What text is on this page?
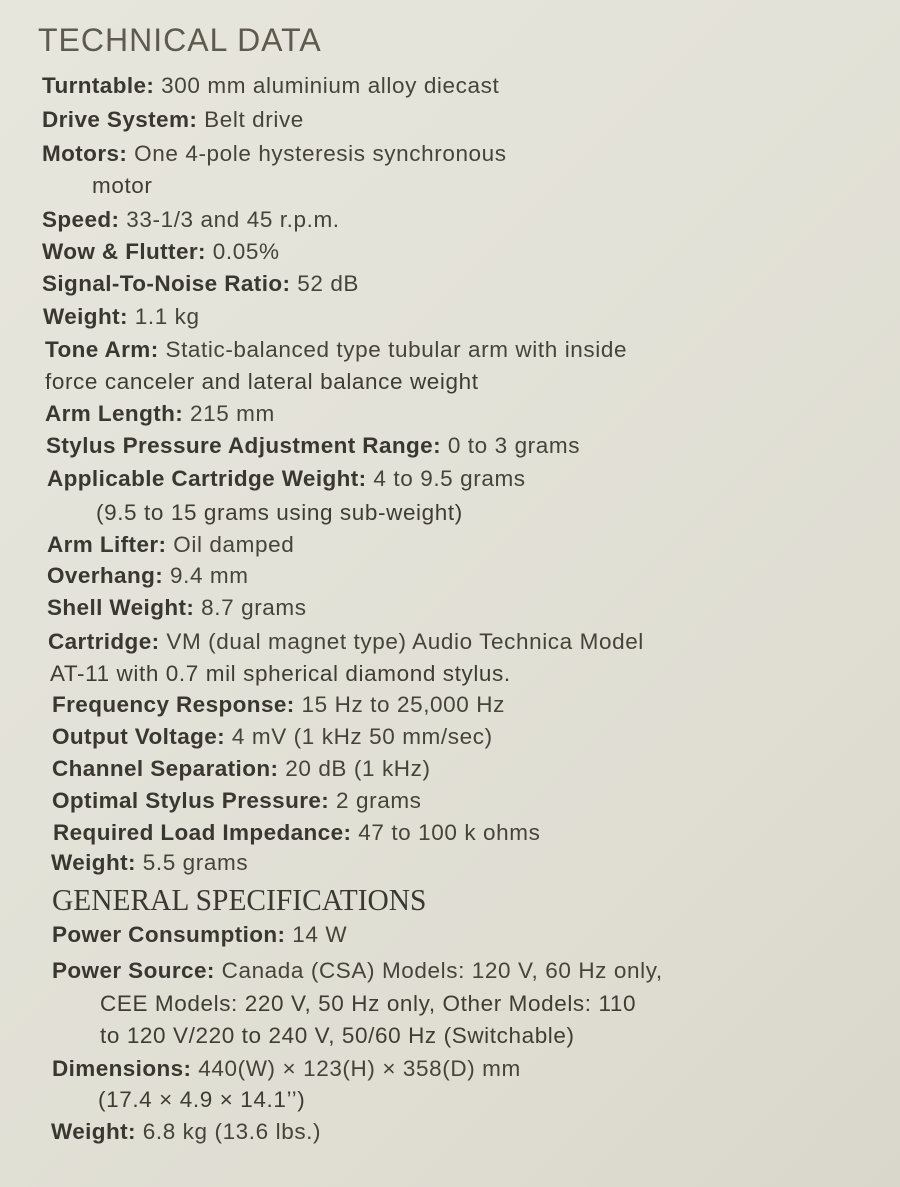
TECHNICAL DATA
Turntable: 300 mm aluminium alloy diecast
Drive System: Belt drive
Motors: One 4-pole hysteresis synchronous
motor
Speed: 33-1/3 and 45 r.p.m.
Wow & Flutter: 0.05%
Signal-To-Noise Ratio: 52 dB
Weight: 1.1 kg
Tone Arm: Static-balanced type tubular arm with inside
force canceler and lateral balance weight
Arm Length: 215 mm
Stylus Pressure Adjustment Range: 0 to 3 grams
Applicable Cartridge Weight: 4 to 9.5 grams
(9.5 to 15 grams using sub-weight)
Arm Lifter: Oil damped
Overhang: 9.4 mm
Shell Weight: 8.7 grams
Cartridge: VM (dual magnet type) Audio Technica Model
AT-11 with 0.7 mil spherical diamond stylus.
Frequency Response: 15 Hz to 25,000 Hz
Output Voltage: 4 mV (1 kHz 50 mm/sec)
Channel Separation: 20 dB (1 kHz)
Optimal Stylus Pressure: 2 grams
Required Load Impedance: 47 to 100 k ohms
Weight: 5.5 grams
GENERAL SPECIFICATIONS
Power Consumption: 14 W
Power Source: Canada (CSA) Models: 120 V, 60 Hz only,
CEE Models: 220 V, 50 Hz only, Other Models: 110
to 120 V/220 to 240 V, 50/60 Hz (Switchable)
Dimensions: 440(W) × 123(H) × 358(D) mm
(17.4 × 4.9 × 14.1’’)
Weight: 6.8 kg (13.6 lbs.)
